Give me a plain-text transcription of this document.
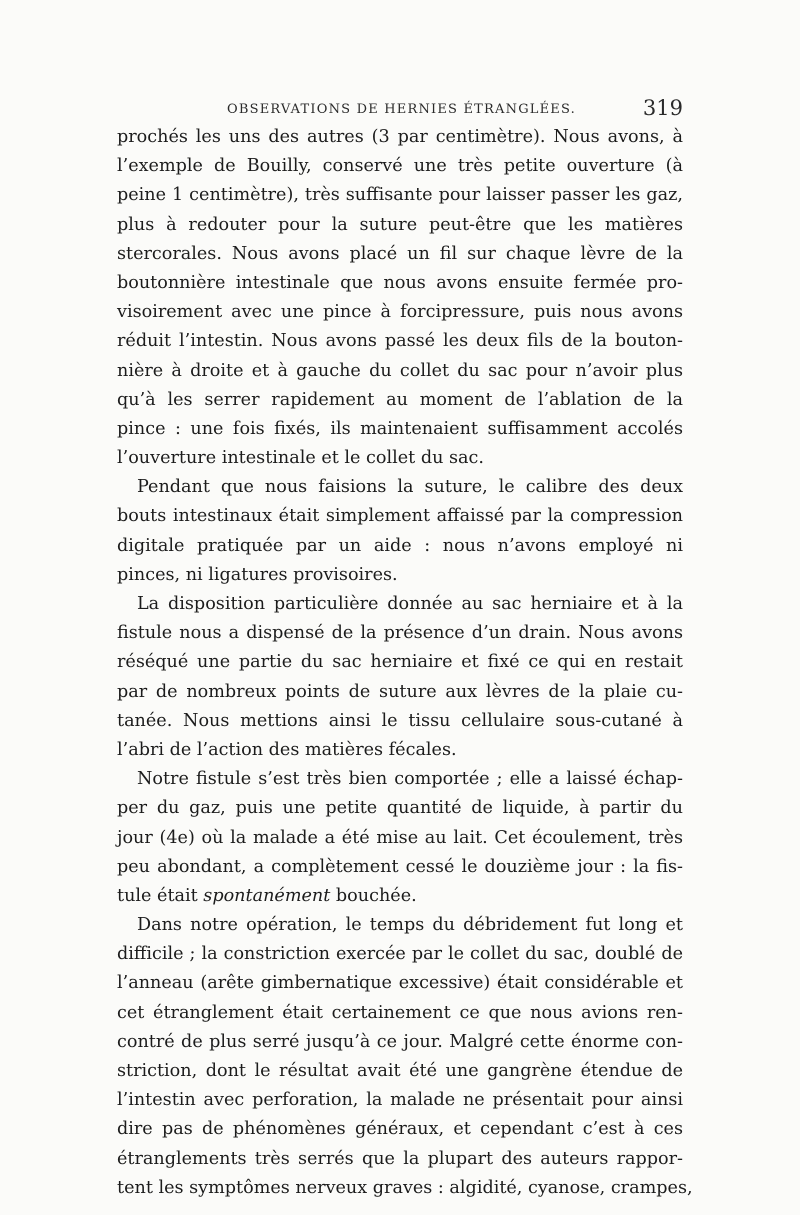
OBSERVATIONS DE HERNIES ÉTRANGLÉES.	319
prochés les uns des autres (3 par centimètre). Nous avons, à
l’exemple de Bouilly, conservé une très petite ouverture (à
peine 1 centimètre), très suffisante pour laisser passer les gaz,
plus à redouter pour la suture peut-être que les matières
stercorales. Nous avons placé un fil sur chaque lèvre de la
boutonnière intestinale que nous avons ensuite fermée pro-
visoirement avec une pince à forcipressure, puis nous avons
réduit l’intestin. Nous avons passé les deux fils de la bouton-
nière à droite et à gauche du collet du sac pour n’avoir plus
qu’à les serrer rapidement au moment de l’ablation de la
pince : une fois fixés, ils maintenaient suffisamment accolés
l’ouverture intestinale et le collet du sac.
Pendant que nous faisions la suture, le calibre des deux
bouts intestinaux était simplement affaissé par la compression
digitale pratiquée par un aide : nous n’avons employé ni
pinces, ni ligatures provisoires.
La disposition particulière donnée au sac herniaire et à la
fistule nous a dispensé de la présence d’un drain. Nous avons
réséqué une partie du sac herniaire et fixé ce qui en restait
par de nombreux points de suture aux lèvres de la plaie cu-
tanée. Nous mettions ainsi le tissu cellulaire sous-cutané à
l’abri de l’action des matières fécales.
Notre fistule s’est très bien comportée ; elle a laissé échap-
per du gaz, puis une petite quantité de liquide, à partir du
jour (4e) où la malade a été mise au lait. Cet écoulement, très
peu abondant, a complètement cessé le douzième jour : la fis-
tule était spontanément bouchée.
Dans notre opération, le temps du débridement fut long et
difficile ; la constriction exercée par le collet du sac, doublé de
l’anneau (arête gimbernatique excessive) était considérable et
cet étranglement était certainement ce que nous avions ren-
contré de plus serré jusqu’à ce jour. Malgré cette énorme con-
striction, dont le résultat avait été une gangrène étendue de
l’intestin avec perforation, la malade ne présentait pour ainsi
dire pas de phénomènes généraux, et cependant c’est à ces
étranglements très serrés que la plupart des auteurs rappor-
tent les symptômes nerveux graves : algidité, cyanose, crampes,
